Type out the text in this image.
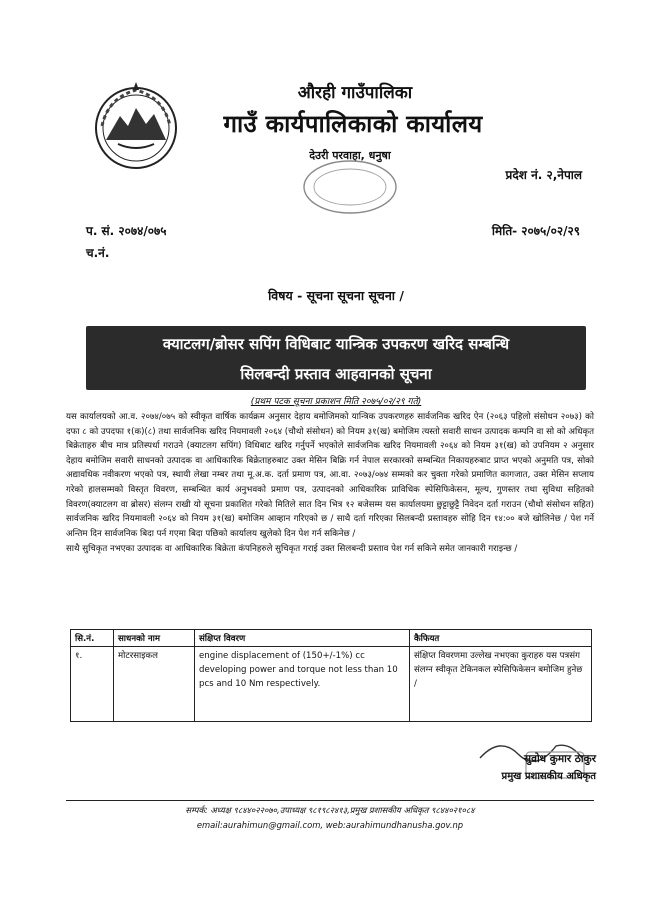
औरही गाउँपालिका
गाउँ कार्यपालिकाको कार्यालय
देउरी परवाहा, धनुषा
प्रदेश नं. २,नेपाल
प. सं. २०७४/०७५
च.नं.
मिति- २०७५/०२/२९
विषय - सूचना सूचना सूचना /
क्याटलग/ब्रोसर सपिंग विधिबाट यान्त्रिक उपकरण खरिद सम्बन्धि
सिलबन्दी प्रस्ताव आहवानको सूचना
(प्रथम पटक सूचना प्रकाशन मिति २०७५/०२/२९ गते)

यस कार्यालयको आ.व. २०७४/०७५ को स्वीकृत वार्षिक कार्यक्रम अनुसार देहाय बमोजिमको यान्त्रिक उपकरणहरु सार्वजनिक खरिद ऐन (२०६३ पहिलो संसोधन २०७३) को दफा ८ को उपदफा १(क)(८) तथा सार्वजनिक खरिद नियमावली २०६४ (चौथो संसोधन) को नियम ३१(ख) बमोजिम त्यस्तो सवारी साधन उत्पादक कम्पनि वा सो को अधिकृत बिक्रेताहरु बीच मात्र प्रतिस्पर्धा गराउने (क्याटलग सपिंग) विधिबाट खरिद गर्नुपर्ने भएकोले सार्वजनिक खरिद नियमावली २०६४ को नियम ३१(ख) को उपनियम २ अनुसार देहाय बमोजिम सवारी साधनको उत्पादक वा आधिकारिक बिक्रेताहरुबाट उक्त मेसिन बिक्रि गर्न नेपाल सरकारको सम्बन्धित निकायहरुबाट प्राप्त भएको अनुमति पत्र, सोको अद्यावधिक नवीकरण भएको पत्र, स्थायी लेखा नम्बर तथा मू.अ.क. दर्ता प्रमाण पत्र, आ.वा. २०७३/०७४ सम्मको कर चुक्ता गरेको प्रमाणित कागजात, उक्त मेसिन सप्लाय गरेको हालसम्मको विस्तृत विवरण, सम्बन्धित कार्य अनुभवको प्रमाण पत्र, उत्पादनको आधिकारिक प्राविधिक स्पेसिफिकेसन, मूल्य, गुणस्तर तथा सुविधा सहितको विवरण(क्याटलग वा ब्रोसर) संलग्न राखी यो सूचना प्रकाशित गरेको मितिले सात दिन भित्र १२ बजेसम्म यस कार्यालयमा छुट्टाछुट्टै निवेदन दर्ता गराउन (चौथो संसोधन सहित) सार्वजनिक खरिद नियमावली २०६४ को नियम ३१(ख) बमोजिम आव्हान गरिएको छ / साथै दर्ता गरिएका सिलबन्दी प्रस्तावहरु सोहि दिन १४:०० बजे खोलिनेछ / पेश गर्ने अन्तिम दिन सार्वजनिक बिदा पर्न गएमा बिदा पछिको कार्यालय खुलेको दिन पेश गर्न सकिनेछ /

साथै सुचिकृत नभएका उत्पादक वा आधिकारिक बिक्रेता कंपनिहरुले सुचिकृत गराई उक्त सिलबन्दी प्रस्ताव पेश गर्न सकिने समेत जानकारी गराइन्छ /

सि.नं.	साधनको नाम	संक्षिप्त विवरण	कैफियत
१.	मोटरसाइकल	engine displacement of (150+/-1%) cc developing power and torque not less than 10 pcs and 10 Nm respectively.	संक्षिप्त विवरणमा उल्लेख नभएका कुराहरु यस पत्रसंग संलग्न स्वीकृत टेकिनकल स्पेसिफिकेसन बमोजिम हुनेछ /
सुवोध कुमार ठाकुर
प्रमुख प्रशासकीय अधिकृत
सम्पर्क: अध्यक्ष ९८४४०२२०७०,उपाध्यक्ष ९८१९८२४१३,प्रमुख प्रशासकीय अधिकृत ९८४४०२१०८४
email:aurahimun@gmail.com, web:aurahimundhanusha.gov.np
